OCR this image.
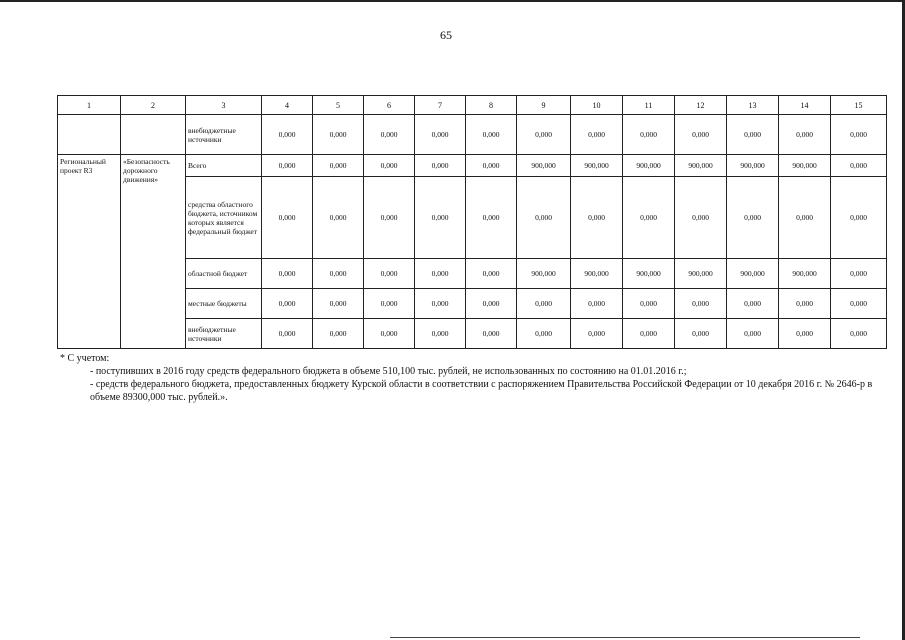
65
1	2	3	4	5	6	7	8	9	10	11	12	13	14	15
		внебюджетные источники	0,000	0,000	0,000	0,000	0,000	0,000	0,000	0,000	0,000	0,000	0,000	0,000
Региональный проект R3	«Безопасность дорожного движения»	Всего	0,000	0,000	0,000	0,000	0,000	900,000	900,000	900,000	900,000	900,000	900,000	0,000
		средства областного бюджета, источником которых является федеральный бюджет	0,000	0,000	0,000	0,000	0,000	0,000	0,000	0,000	0,000	0,000	0,000	0,000
		областной бюджет	0,000	0,000	0,000	0,000	0,000	900,000	900,000	900,000	900,000	900,000	900,000	0,000
		местные бюджеты	0,000	0,000	0,000	0,000	0,000	0,000	0,000	0,000	0,000	0,000	0,000	0,000
		внебюджетные источники	0,000	0,000	0,000	0,000	0,000	0,000	0,000	0,000	0,000	0,000	0,000	0,000

* С учетом:

- поступивших в 2016 году средств федерального бюджета в объеме 510,100 тыс. рублей, не использованных по состоянию на 01.01.2016 г.;

- средств федерального бюджета, предоставленных бюджету Курской области в соответствии с распоряжением Правительства Российской Федерации от 10 декабря 2016 г. № 2646-р в объеме 89300,000 тыс. рублей.».
